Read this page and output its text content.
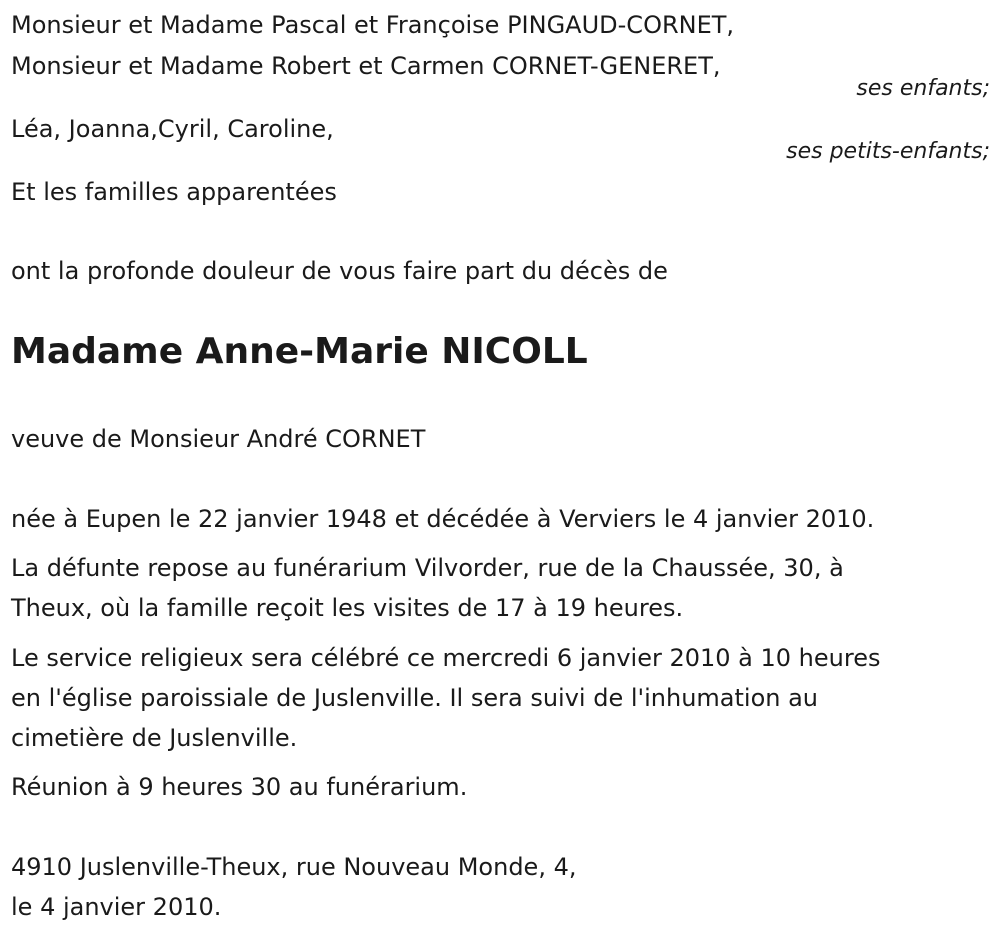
Monsieur et Madame Pascal et Françoise PINGAUD-CORNET,
Monsieur et Madame Robert et Carmen CORNET-GENERET,
ses enfants;
Léa, Joanna,Cyril, Caroline,
ses petits-enfants;
Et les familles apparentées
ont la profonde douleur de vous faire part du décès de
Madame Anne-Marie NICOLL
veuve de Monsieur André CORNET
née à Eupen le 22 janvier 1948 et décédée à Verviers le 4 janvier 2010.
La défunte repose au funérarium Vilvorder, rue de la Chaussée, 30, à
Theux, où la famille reçoit les visites de 17 à 19 heures.
Le service religieux sera célébré ce mercredi 6 janvier 2010 à 10 heures
en l'église paroissiale de Juslenville. Il sera suivi de l'inhumation au
cimetière de Juslenville.
Réunion à 9 heures 30 au funérarium.
4910 Juslenville-Theux, rue Nouveau Monde, 4,
le 4 janvier 2010.
